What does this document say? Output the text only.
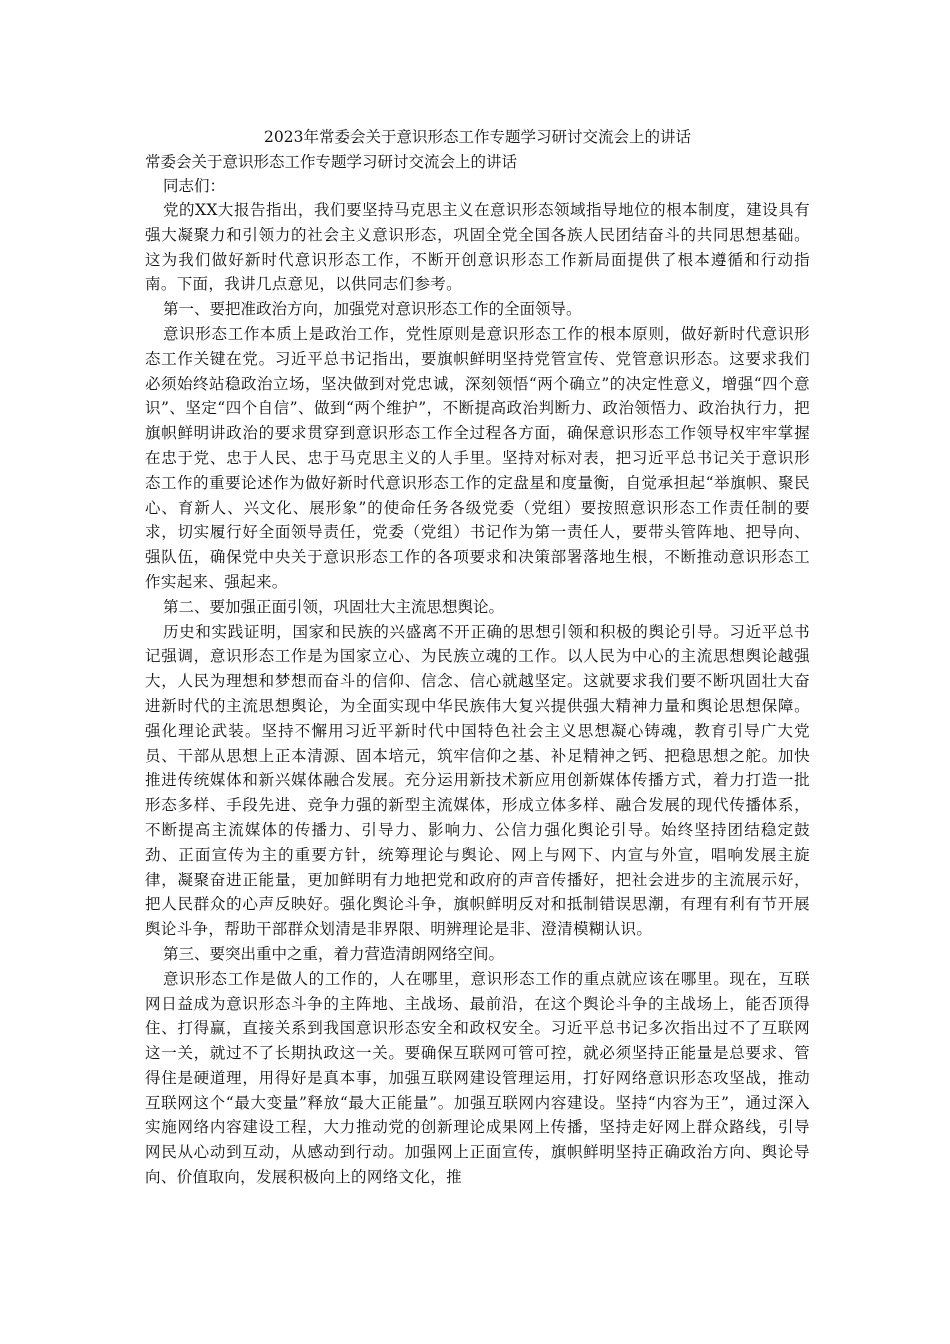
2023年常委会关于意识形态工作专题学习研讨交流会上的讲话

常委会关于意识形态工作专题学习研讨交流会上的讲话

同志们：

党的XX大报告指出，我们要坚持马克思主义在意识形态领域指导地位的根本制度，建设具有强大凝聚力和引领力的社会主义意识形态，巩固全党全国各族人民团结奋斗的共同思想基础。这为我们做好新时代意识形态工作，不断开创意识形态工作新局面提供了根本遵循和行动指南。下面，我讲几点意见，以供同志们参考。

第一、要把准政治方向，加强党对意识形态工作的全面领导。

意识形态工作本质上是政治工作，党性原则是意识形态工作的根本原则，做好新时代意识形态工作关键在党。习近平总书记指出，要旗帜鲜明坚持党管宣传、党管意识形态。这要求我们必须始终站稳政治立场，坚决做到对党忠诚，深刻领悟“两个确立”的决定性意义，增强“四个意识”、坚定“四个自信”、做到“两个维护”，不断提高政治判断力、政治领悟力、政治执行力，把旗帜鲜明讲政治的要求贯穿到意识形态工作全过程各方面，确保意识形态工作领导权牢牢掌握在忠于党、忠于人民、忠于马克思主义的人手里。坚持对标对表，把习近平总书记关于意识形态工作的重要论述作为做好新时代意识形态工作的定盘星和度量衡，自觉承担起“举旗帜、聚民心、育新人、兴文化、展形象”的使命任务各级党委（党组）要按照意识形态工作责任制的要求，切实履行好全面领导责任，党委（党组）书记作为第一责任人，要带头管阵地、把导向、强队伍，确保党中央关于意识形态工作的各项要求和决策部署落地生根，不断推动意识形态工作实起来、强起来。

第二、要加强正面引领，巩固壮大主流思想舆论。

历史和实践证明，国家和民族的兴盛离不开正确的思想引领和积极的舆论引导。习近平总书记强调，意识形态工作是为国家立心、为民族立魂的工作。以人民为中心的主流思想舆论越强大，人民为理想和梦想而奋斗的信仰、信念、信心就越坚定。这就要求我们要不断巩固壮大奋进新时代的主流思想舆论，为全面实现中华民族伟大复兴提供强大精神力量和舆论思想保障。强化理论武装。坚持不懈用习近平新时代中国特色社会主义思想凝心铸魂，教育引导广大党员、干部从思想上正本清源、固本培元，筑牢信仰之基、补足精神之钙、把稳思想之舵。加快推进传统媒体和新兴媒体融合发展。充分运用新技术新应用创新媒体传播方式，着力打造一批形态多样、手段先进、竞争力强的新型主流媒体，形成立体多样、融合发展的现代传播体系，不断提高主流媒体的传播力、引导力、影响力、公信力强化舆论引导。始终坚持团结稳定鼓劲、正面宣传为主的重要方针，统筹理论与舆论、网上与网下、内宣与外宣，唱响发展主旋律，凝聚奋进正能量，更加鲜明有力地把党和政府的声音传播好，把社会进步的主流展示好，把人民群众的心声反映好。强化舆论斗争，旗帜鲜明反对和抵制错误思潮，有理有利有节开展舆论斗争，帮助干部群众划清是非界限、明辨理论是非、澄清模糊认识。

第三、要突出重中之重，着力营造清朗网络空间。

意识形态工作是做人的工作的，人在哪里，意识形态工作的重点就应该在哪里。现在，互联网日益成为意识形态斗争的主阵地、主战场、最前沿，在这个舆论斗争的主战场上，能否顶得住、打得赢，直接关系到我国意识形态安全和政权安全。习近平总书记多次指出过不了互联网这一关，就过不了长期执政这一关。要确保互联网可管可控，就必须坚持正能量是总要求、管得住是硬道理，用得好是真本事，加强互联网建设管理运用，打好网络意识形态攻坚战，推动互联网这个“最大变量”释放“最大正能量”。加强互联网内容建设。坚持“内容为王”，通过深入实施网络内容建设工程，大力推动党的创新理论成果网上传播，坚持走好网上群众路线，引导网民从心动到互动，从感动到行动。加强网上正面宣传，旗帜鲜明坚持正确政治方向、舆论导向、价值取向，发展积极向上的网络文化，推
